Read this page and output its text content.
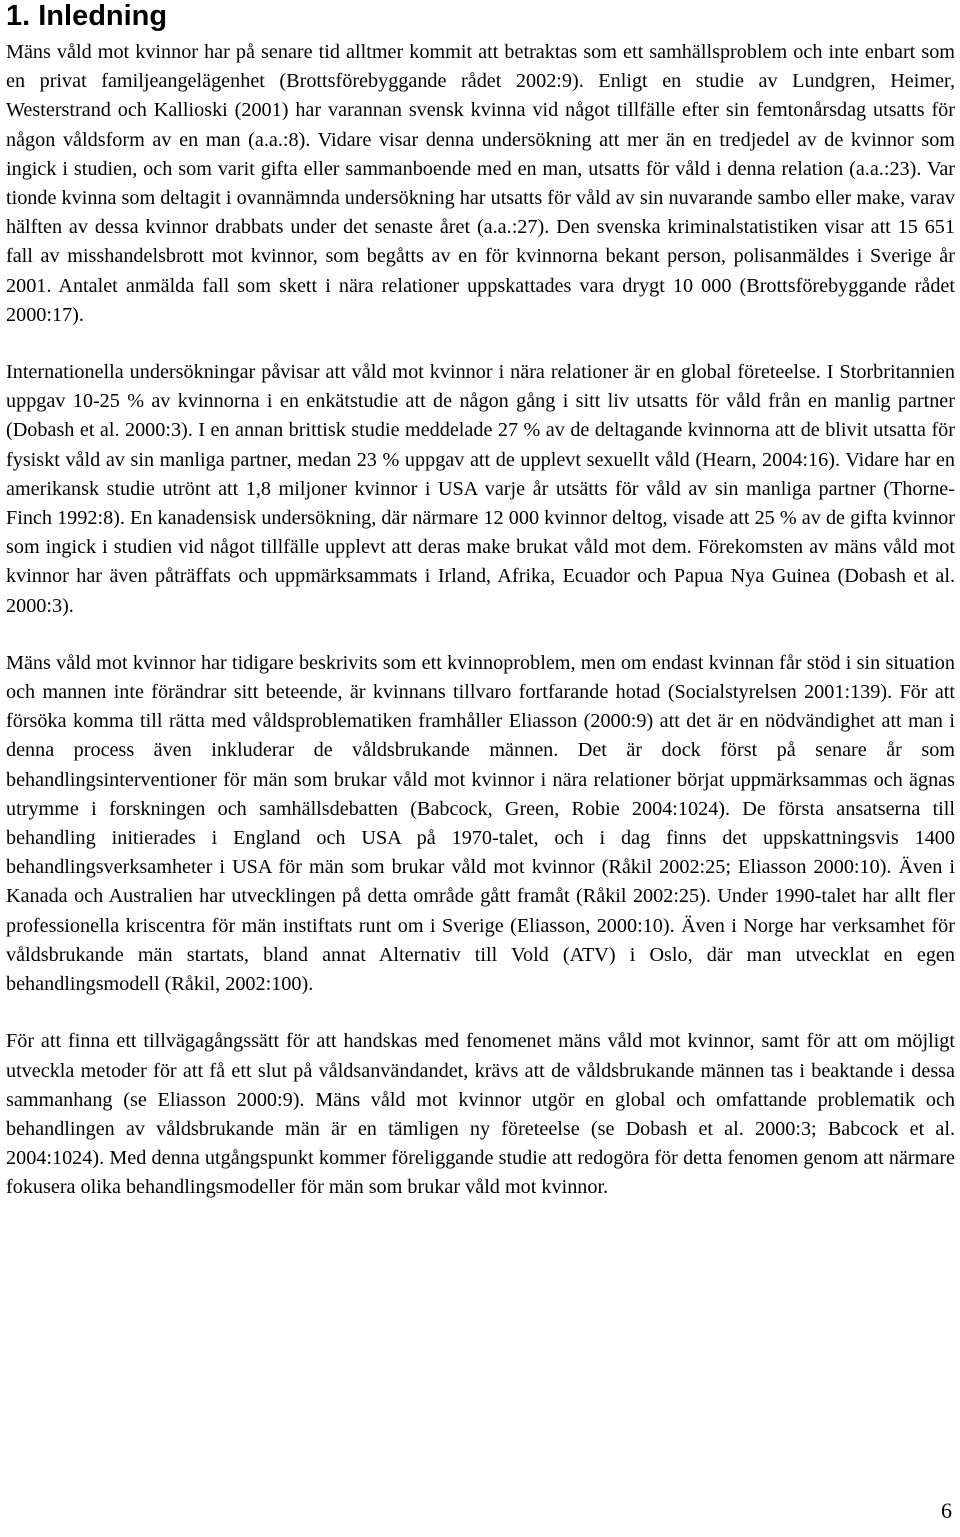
1. Inledning

Mäns våld mot kvinnor har på senare tid alltmer kommit att betraktas som ett samhällsproblem och inte enbart som en privat familjeangelägenhet (Brottsförebyggande rådet 2002:9). Enligt en studie av Lundgren, Heimer, Westerstrand och Kallioski (2001) har varannan svensk kvinna vid något tillfälle efter sin femtonårsdag utsatts för någon våldsform av en man (a.a.:8). Vidare visar denna undersökning att mer än en tredjedel av de kvinnor som ingick i studien, och som varit gifta eller sammanboende med en man, utsatts för våld i denna relation (a.a.:23). Var tionde kvinna som deltagit i ovannämnda undersökning har utsatts för våld av sin nuvarande sambo eller make, varav hälften av dessa kvinnor drabbats under det senaste året (a.a.:27). Den svenska kriminalstatistiken visar att 15 651 fall av misshandelsbrott mot kvinnor, som begåtts av en för kvinnorna bekant person, polisanmäldes i Sverige år 2001. Antalet anmälda fall som skett i nära relationer uppskattades vara drygt 10 000 (Brottsförebyggande rådet 2000:17).

Internationella undersökningar påvisar att våld mot kvinnor i nära relationer är en global företeelse. I Storbritannien uppgav 10-25 % av kvinnorna i en enkätstudie att de någon gång i sitt liv utsatts för våld från en manlig partner (Dobash et al. 2000:3). I en annan brittisk studie meddelade 27 % av de deltagande kvinnorna att de blivit utsatta för fysiskt våld av sin manliga partner, medan 23 % uppgav att de upplevt sexuellt våld (Hearn, 2004:16). Vidare har en amerikansk studie utrönt att 1,8 miljoner kvinnor i USA varje år utsätts för våld av sin manliga partner (Thorne-Finch 1992:8). En kanadensisk undersökning, där närmare 12 000 kvinnor deltog, visade att 25 % av de gifta kvinnor som ingick i studien vid något tillfälle upplevt att deras make brukat våld mot dem. Förekomsten av mäns våld mot kvinnor har även påträffats och uppmärksammats i Irland, Afrika, Ecuador och Papua Nya Guinea (Dobash et al. 2000:3).

Mäns våld mot kvinnor har tidigare beskrivits som ett kvinnoproblem, men om endast kvinnan får stöd i sin situation och mannen inte förändrar sitt beteende, är kvinnans tillvaro fortfarande hotad (Socialstyrelsen 2001:139). För att försöka komma till rätta med våldsproblematiken framhåller Eliasson (2000:9) att det är en nödvändighet att man i denna process även inkluderar de våldsbrukande männen. Det är dock först på senare år som behandlingsinterventioner för män som brukar våld mot kvinnor i nära relationer börjat uppmärksammas och ägnas utrymme i forskningen och samhällsdebatten (Babcock, Green, Robie 2004:1024). De första ansatserna till behandling initierades i England och USA på 1970-talet, och i dag finns det uppskattningsvis 1400 behandlingsverksamheter i USA för män som brukar våld mot kvinnor (Råkil 2002:25; Eliasson 2000:10). Även i Kanada och Australien har utvecklingen på detta område gått framåt (Råkil 2002:25). Under 1990-talet har allt fler professionella kriscentra för män instiftats runt om i Sverige (Eliasson, 2000:10). Även i Norge har verksamhet för våldsbrukande män startats, bland annat Alternativ till Vold (ATV) i Oslo, där man utvecklat en egen behandlingsmodell (Råkil, 2002:100).

För att finna ett tillvägagångssätt för att handskas med fenomenet mäns våld mot kvinnor, samt för att om möjligt utveckla metoder för att få ett slut på våldsanvändandet, krävs att de våldsbrukande männen tas i beaktande i dessa sammanhang (se Eliasson 2000:9). Mäns våld mot kvinnor utgör en global och omfattande problematik och behandlingen av våldsbrukande män är en tämligen ny företeelse (se Dobash et al. 2000:3; Babcock et al. 2004:1024). Med denna utgångspunkt kommer föreliggande studie att redogöra för detta fenomen genom att närmare fokusera olika behandlingsmodeller för män som brukar våld mot kvinnor.

6
